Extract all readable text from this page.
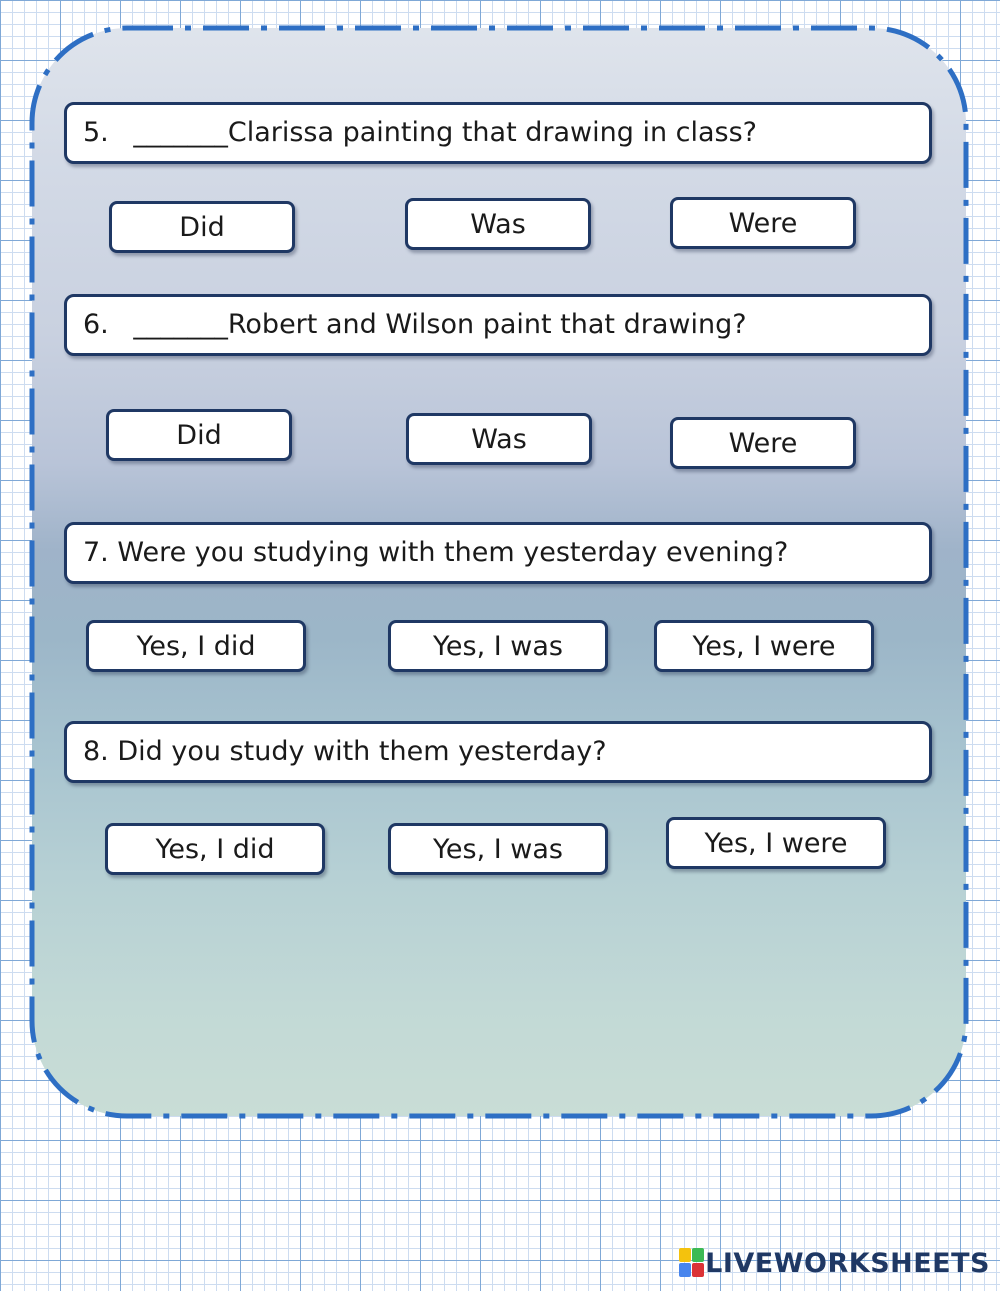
5. _______Clarissa painting that drawing in class?
Did	Was	Were
6. _______Robert and Wilson paint that drawing?
Did	Was	Were
7. Were you studying with them yesterday evening?
Yes, I did	Yes, I was	Yes, I were
8. Did you study with them yesterday?
Yes, I did	Yes, I was	Yes, I were
LIVEWORKSHEETS
